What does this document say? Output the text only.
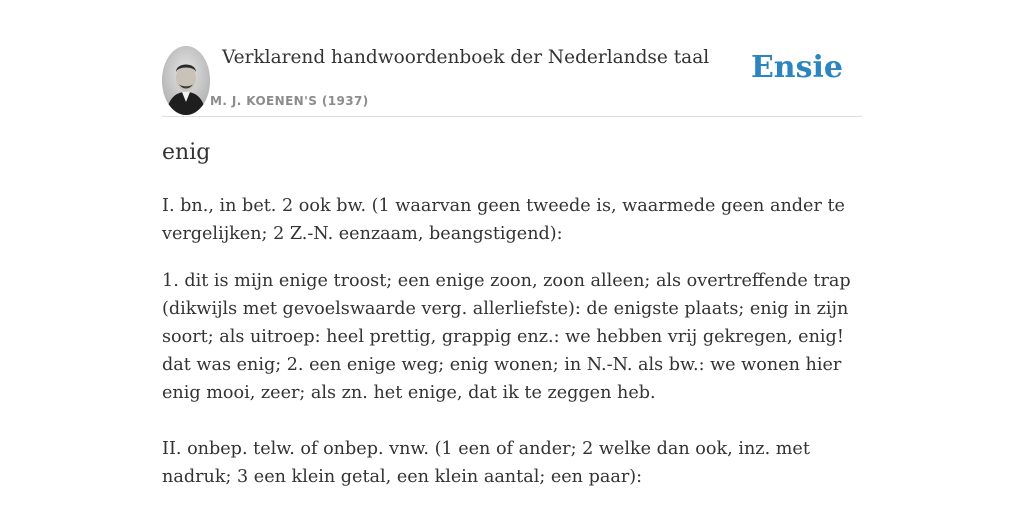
Verklarend handwoordenboek der Nederlandse taal
M. J. KOENEN'S (1937)
Ensie
enig

I. bn., in bet. 2 ook bw. (1 waarvan geen tweede is, waarmede geen ander te vergelijken; 2 Z.-N. eenzaam, beangstigend):

1. dit is mijn enige troost; een enige zoon, zoon alleen; als overtreffende trap (dikwijls met gevoelswaarde verg. allerliefste): de enigste plaats; enig in zijn soort; als uitroep: heel prettig, grappig enz.: we hebben vrij gekregen, enig! dat was enig; 2. een enige weg; enig wonen; in N.-N. als bw.: we wonen hier enig mooi, zeer; als zn. het enige, dat ik te zeggen heb.

II. onbep. telw. of onbep. vnw. (1 een of ander; 2 welke dan ook, inz. met nadruk; 3 een klein getal, een klein aantal; een paar):
